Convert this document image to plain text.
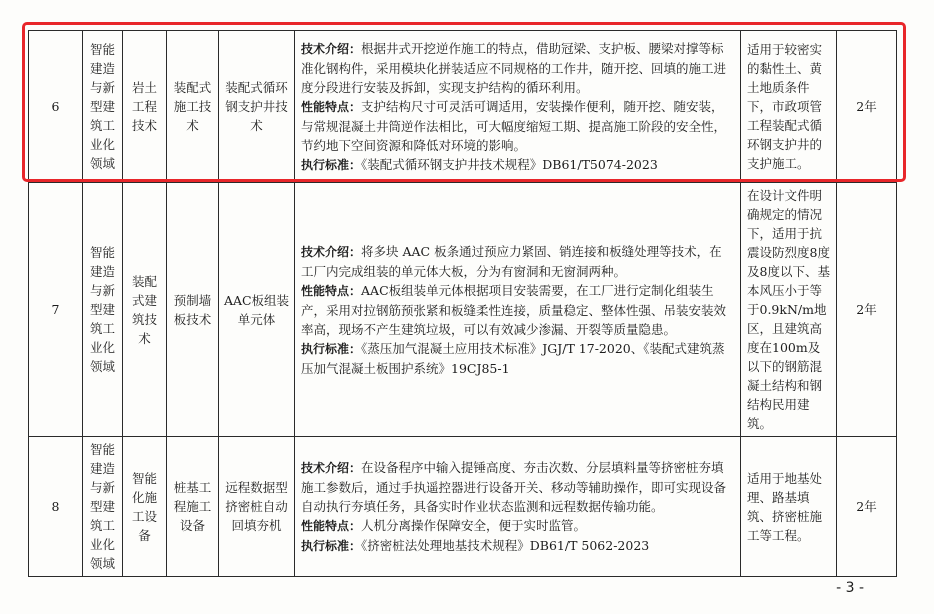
6	智能建造与新型建筑工业化领域	岩土工程技术	装配式施工技术	装配式循环钢支护井技术	技术介绍：根据井式开挖逆作施工的特点，借助冠梁、支护板、腰梁对撑等标准化钢构件，采用模块化拼装适应不同规格的工作井，随开挖、回填的施工进度分段进行安装及拆卸，实现支护结构的循环利用。

性能特点：支护结构尺寸可灵活可调适用，安装操作便利，随开挖、随安装，与常规混凝土井筒逆作法相比，可大幅度缩短工期、提高施工阶段的安全性，节约地下空间资源和降低对环境的影响。

执行标准：《装配式循环钢支护井技术规程》DB61/T5074-2023	适用于较密实的黏性土、黄土地质条件下，市政项管工程装配式循环钢支护井的支护施工。	2年
7	智能建造与新型建筑工业化领域	装配式建筑技术	预制墙板技术	AAC板组装单元体	技术介绍：将多块 AAC 板条通过预应力紧固、销连接和板缝处理等技术，在工厂内完成组装的单元体大板，分为有窗洞和无窗洞两种。

性能特点：AAC板组装单元体根据项目安装需要，在工厂进行定制化组装生产，采用对拉钢筋预张紧和板缝柔性连接，质量稳定、整体性强、吊装安装效率高，现场不产生建筑垃圾，可以有效减少渗漏、开裂等质量隐患。

执行标准：《蒸压加气混凝土应用技术标准》JGJ/T 17-2020、《装配式建筑蒸压加气混凝土板围护系统》19CJ85-1	在设计文件明确规定的情况下，适用于抗震设防烈度8度及8度以下、基本风压小于等于0.9kN/m地区，且建筑高度在100m及以下的钢筋混凝土结构和钢结构民用建筑。	2年
8	智能建造与新型建筑工业化领域	智能化施工设备	桩基工程施工设备	远程数据型挤密桩自动回填夯机	技术介绍：在设备程序中输入提锤高度、夯击次数、分层填料量等挤密桩夯填施工参数后，通过手执遥控器进行设备开关、移动等辅助操作，即可实现设备自动执行夯填任务，具备实时作业状态监测和远程数据传输功能。

性能特点：人机分离操作保障安全，便于实时监管。

执行标准：《挤密桩法处理地基技术规程》DB61/T 5062-2023	适用于地基处理、路基填筑、挤密桩施工等工程。	2年
- 3 -
